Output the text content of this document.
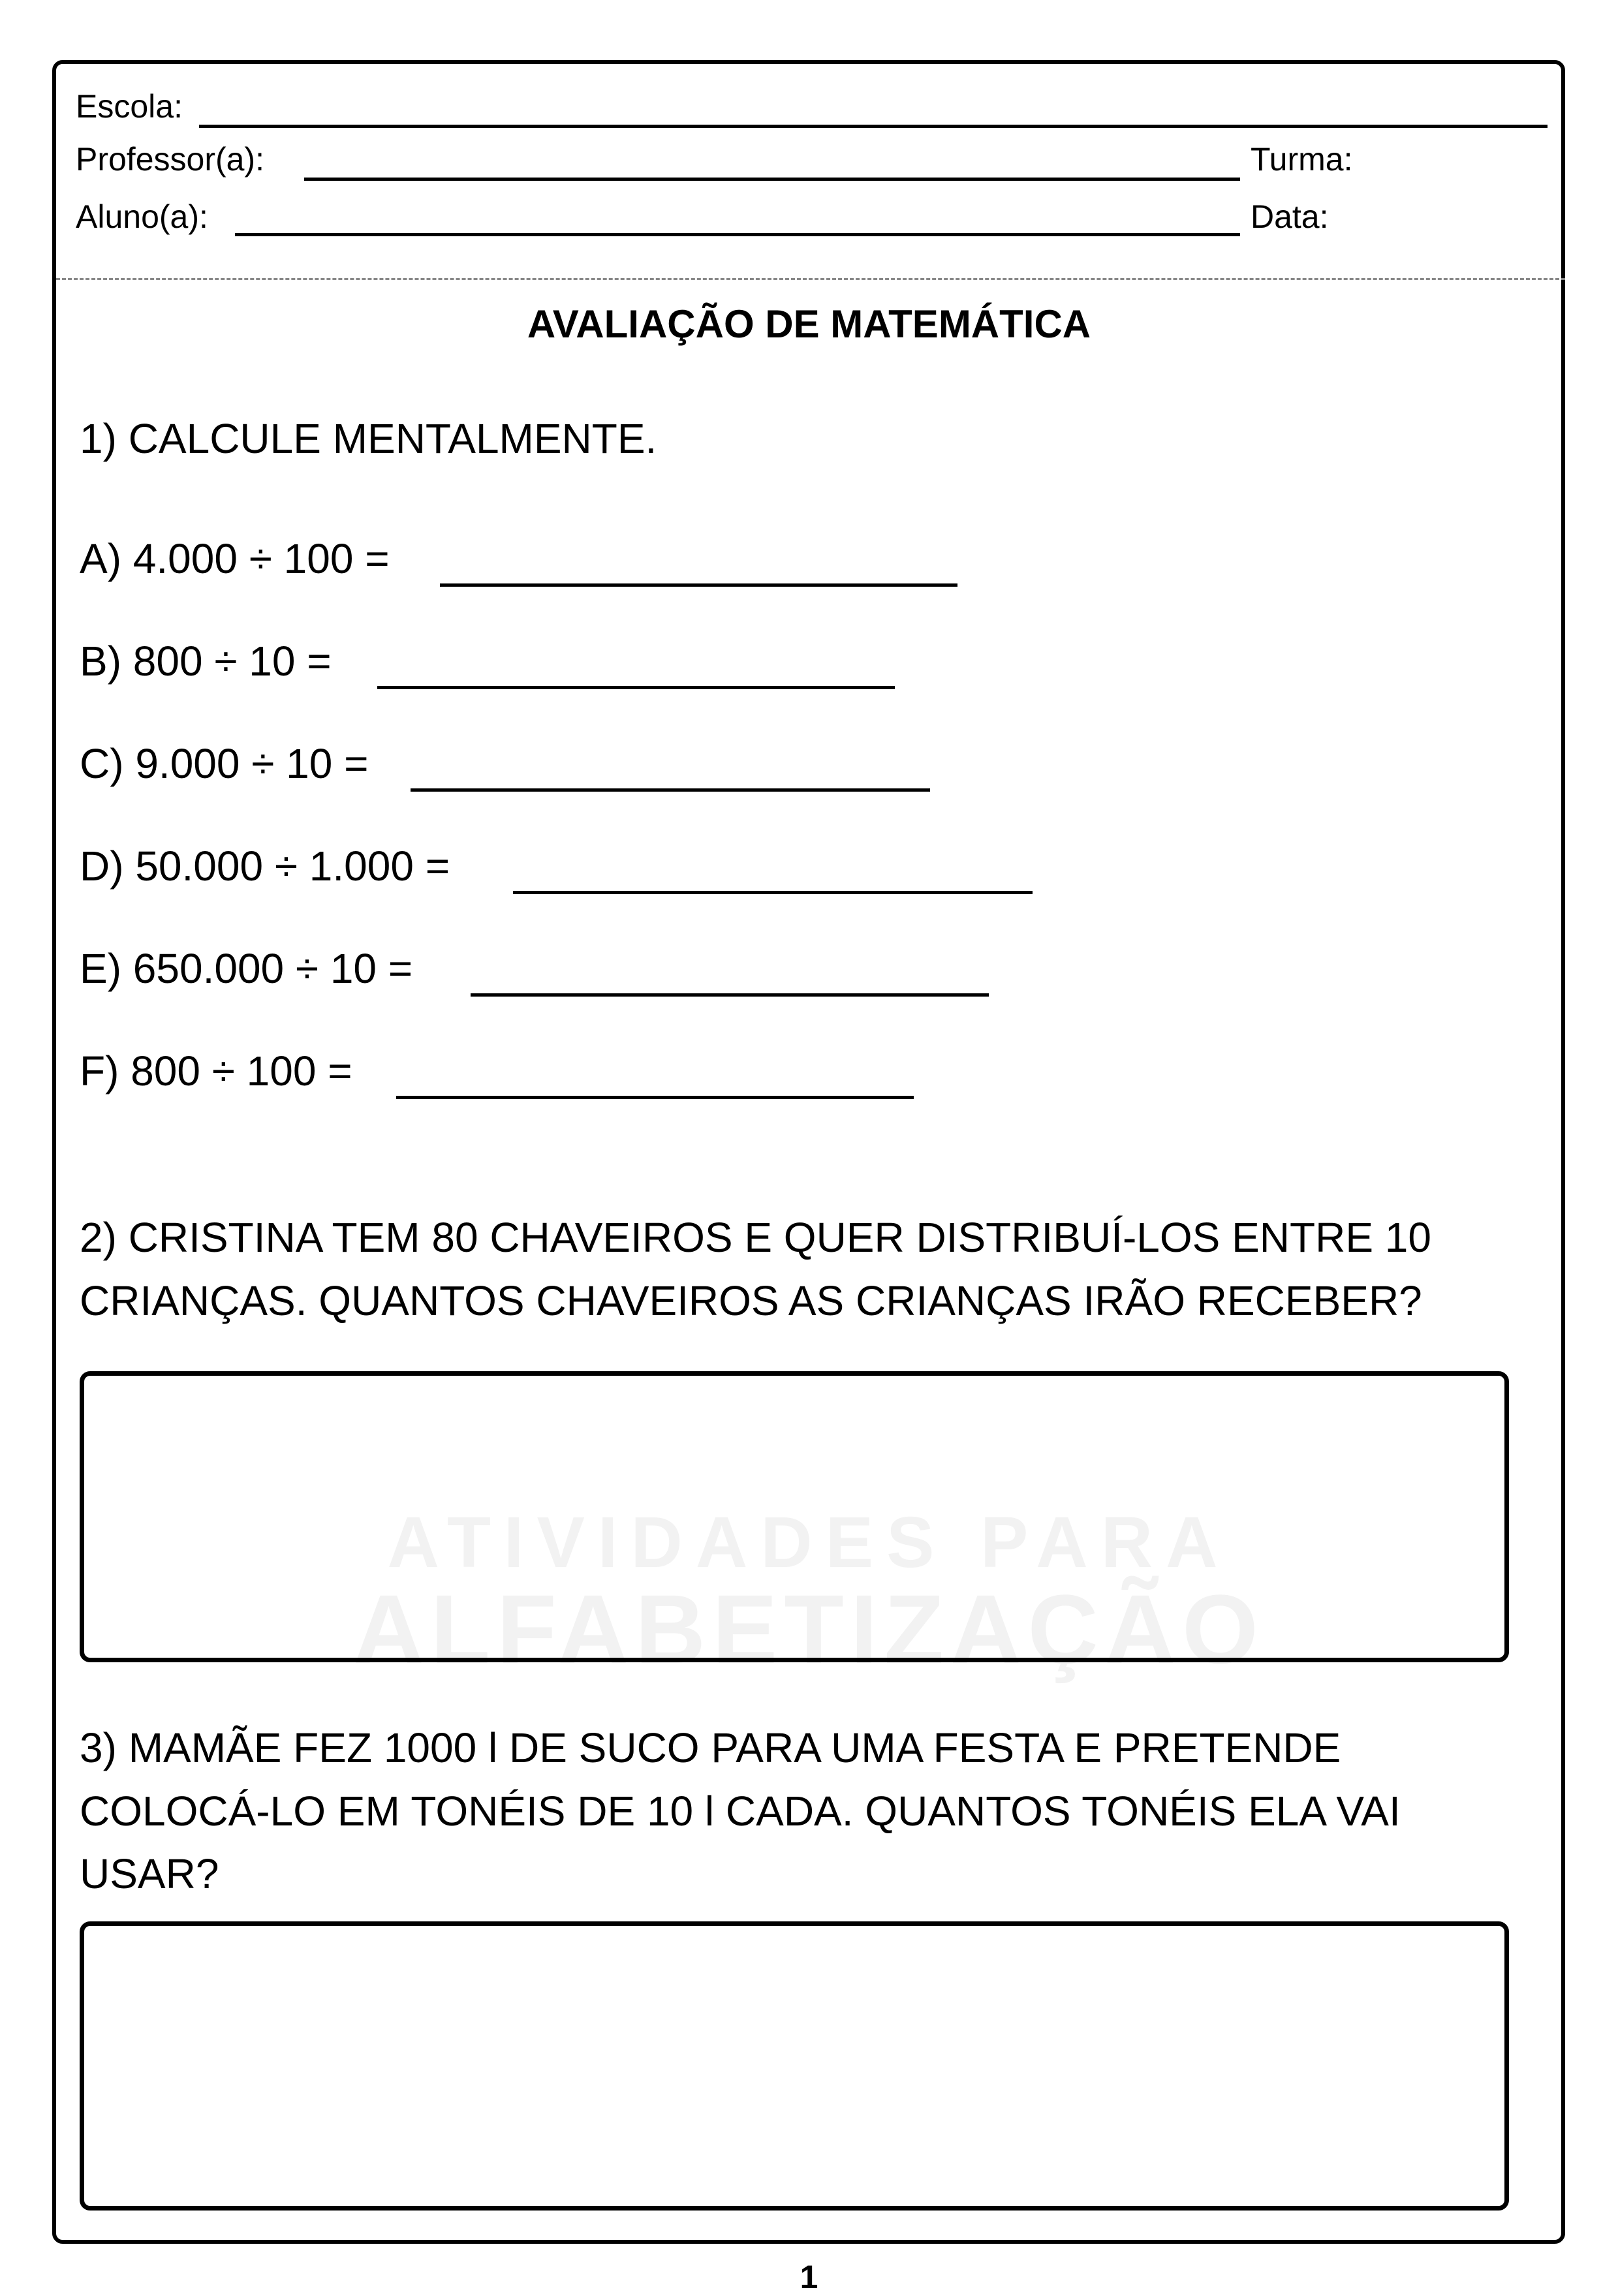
ATIVIDADES PARA
ALFABETIZAÇÃO
Escola:
Professor(a):	Turma:
Aluno(a):	Data:
AVALIAÇÃO DE MATEMÁTICA
1) CALCULE MENTALMENTE.
A) 4.000 ÷ 100 =
B) 800 ÷ 10 =
C) 9.000 ÷ 10 =
D) 50.000 ÷ 1.000 =
E) 650.000 ÷ 10 =
F) 800 ÷ 100 =
2) CRISTINA TEM 80 CHAVEIROS E QUER DISTRIBUÍ-LOS ENTRE 10
CRIANÇAS. QUANTOS CHAVEIROS AS CRIANÇAS IRÃO RECEBER?
3) MAMÃE FEZ 1000 l DE SUCO PARA UMA FESTA E PRETENDE
COLOCÁ-LO EM TONÉIS DE 10 l CADA. QUANTOS TONÉIS ELA VAI
USAR?
1
